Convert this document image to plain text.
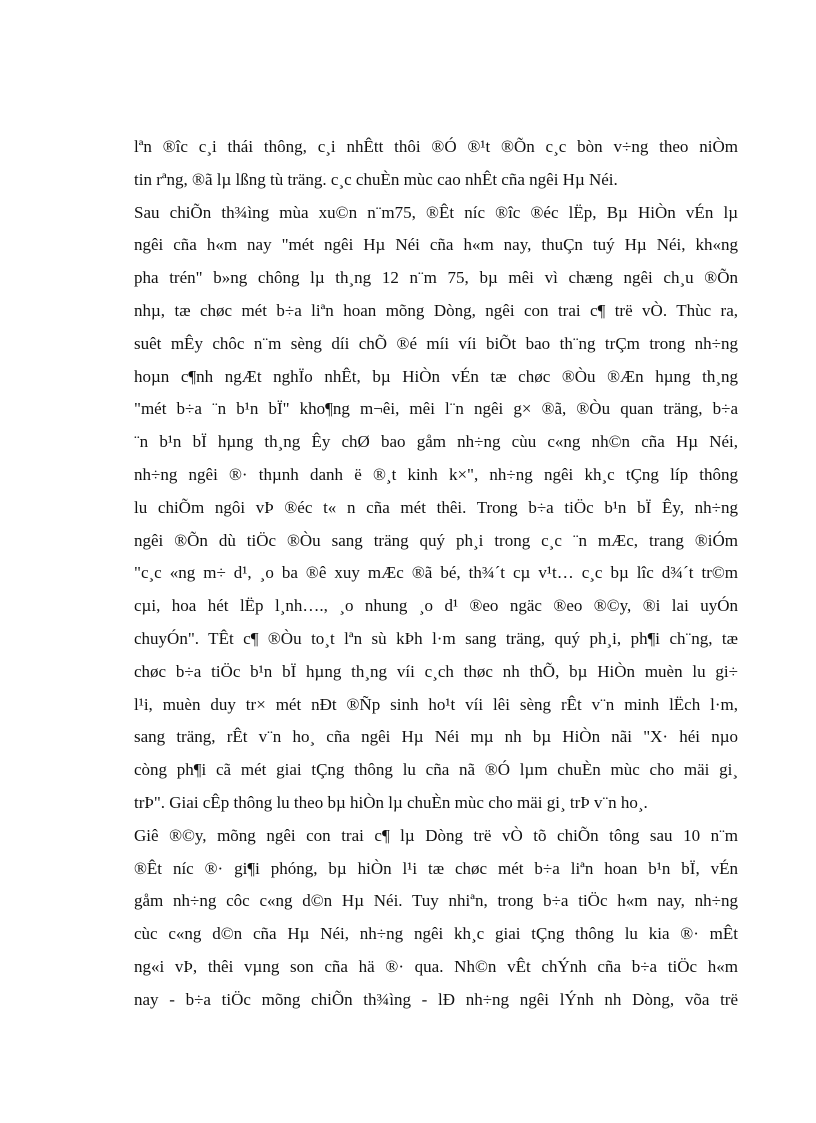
lªn ®îc c¸i thái thông, c¸i nhÊtt thôi ®Ó ®¹t ®Õn c¸c bòn v÷ng theo niÒm
tin rªng, ®ã lµ lßng tù träng. c¸c chuÈn mùc cao nhÊt cña ngêi Hµ Néi.
Sau chiÕn th¾ìng mùa xu©n n¨m75, ®Êt níc ®îc ®éc lËp, Bµ HiÒn vÉn lµ
ngêi cña h«m nay "mét ngêi Hµ Néi cña h«m nay, thuÇn tuý Hµ Néi, kh«ng
pha trén" b»ng chông lµ th¸ng 12 n¨m 75, bµ mêi vì chæng ngêi ch¸u ®Õn
nhµ, tæ chøc mét b÷a liªn hoan mõng Dòng, ngêi con trai c¶ trë vÒ. Thùc ra,
suêt mÊy chôc n¨m sèng díi chÕ ®é míi víi biÕt bao th¨ng trÇm trong nh÷ng
hoµn c¶nh ngÆt nghÏo nhÊt, bµ HiÒn vÉn tæ chøc ®Òu ®Æn hµng th¸ng
"mét b÷a ¨n b¹n bÏ" kho¶ng m¬êi, mêi l¨n ngêi g× ®ã, ®Òu quan träng, b÷a
¨n b¹n bÏ hµng th¸ng Êy chØ bao gåm nh÷ng cùu c«ng nh©n cña Hµ Néi,
nh÷ng ngêi ®· thµnh danh ë ®¸t kinh k×", nh÷ng ngêi kh¸c tÇng líp thông
lu chiÕm ngôi vÞ ®éc t« n cña mét thêi. Trong b÷a tiÖc b¹n bÏ Êy, nh÷ng
ngêi ®Õn dù tiÖc ®Òu sang träng quý ph¸i trong c¸c ¨n mÆc, trang ®iÓm
"c¸c «ng m÷ d¹, ¸o ba ®ê xuy mÆc ®ã bé, th¾´t cµ v¹t… c¸c bµ lîc d¾´t tr©m
cµi, hoa hét lËp l¸nh…., ¸o nhung ¸o d¹ ®eo ngäc ®eo ®©y, ®i lai uyÓn
chuyÓn". TÊt c¶ ®Òu to¸t lªn sù kÞh l·m sang träng, quý ph¸i, ph¶i ch¨ng, tæ
chøc b÷a tiÖc b¹n bÏ hµng th¸ng víi c¸ch thøc nh thÕ, bµ HiÒn muèn lu gi÷
l¹i, muèn duy tr× mét nÐt ®Ñp sinh ho¹t víi lêi sèng rÊt v¨n minh lËch l·m,
sang träng, rÊt v¨n ho¸ cña ngêi Hµ Néi mµ nh bµ HiÒn nãi "X· héi nµo
còng ph¶i cã mét giai tÇng thông lu cña nã ®Ó lµm chuÈn mùc cho mäi gi¸
trÞ". Giai cÊp thông lu theo bµ hiÒn lµ chuÈn mùc cho mäi gi¸ trÞ v¨n ho¸.
Giê ®©y, mõng ngêi con trai c¶ lµ Dòng trë vÒ tõ chiÕn tông sau 10 n¨m
®Êt níc ®· gi¶i phóng, bµ hiÒn l¹i tæ chøc mét b÷a liªn hoan b¹n bÏ, vÉn
gåm nh÷ng côc c«ng d©n Hµ Néi. Tuy nhiªn, trong b÷a tiÖc h«m nay, nh÷ng
cùc c«ng d©n cña Hµ Néi, nh÷ng ngêi kh¸c giai tÇng thông lu kia ®· mÊt
ng«i vÞ, thêi vµng son cña hä ®· qua. Nh©n vÊt chÝnh cña b÷a tiÖc h«m
nay - b÷a tiÖc mõng chiÕn th¾ìng - lÐ nh÷ng ngêi lÝnh nh Dòng, võa trë
